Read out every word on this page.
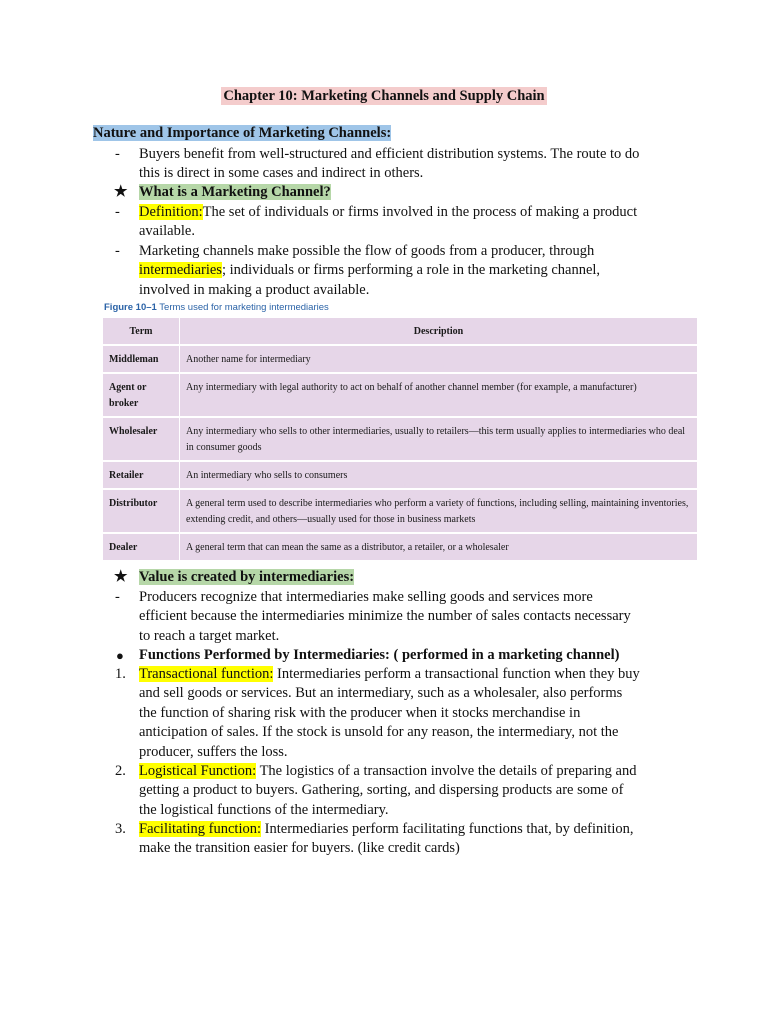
Chapter 10: Marketing Channels and Supply Chain
Nature and Importance of Marketing Channels:
- Buyers benefit from well-structured and efficient distribution systems. The route to do
this is direct in some cases and indirect in others.
★ What is a Marketing Channel?
- Definition:The set of individuals or firms involved in the process of making a product
available.
- Marketing channels make possible the flow of goods from a producer, through
intermediaries; individuals or firms performing a role in the marketing channel,
involved in making a product available.
Figure 10–1 Terms used for marketing intermediaries
Term	Description
Middleman	Another name for intermediary
Agent or broker	Any intermediary with legal authority to act on behalf of another channel member (for example, a manufacturer)
Wholesaler	Any intermediary who sells to other intermediaries, usually to retailers—this term usually applies to intermediaries who deal in consumer goods
Retailer	An intermediary who sells to consumers
Distributor	A general term used to describe intermediaries who perform a variety of functions, including selling, maintaining inventories, extending credit, and others—usually used for those in business markets
Dealer	A general term that can mean the same as a distributor, a retailer, or a wholesaler
★ Value is created by intermediaries:
- Producers recognize that intermediaries make selling goods and services more
efficient because the intermediaries minimize the number of sales contacts necessary
to reach a target market.
● Functions Performed by Intermediaries: ( performed in a marketing channel)
1. Transactional function: Intermediaries perform a transactional function when they buy
and sell goods or services. But an intermediary, such as a wholesaler, also performs
the function of sharing risk with the producer when it stocks merchandise in
anticipation of sales. If the stock is unsold for any reason, the intermediary, not the
producer, suffers the loss.
2. Logistical Function: The logistics of a transaction involve the details of preparing and
getting a product to buyers. Gathering, sorting, and dispersing products are some of
the logistical functions of the intermediary.
3. Facilitating function: Intermediaries perform facilitating functions that, by definition,
make the transition easier for buyers. (like credit cards)
